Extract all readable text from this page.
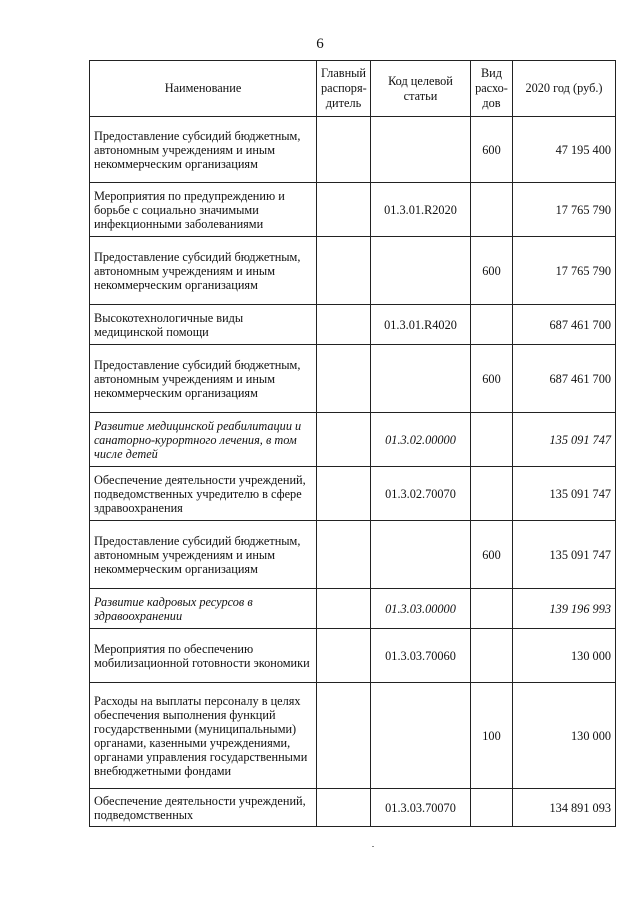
6
Наименование	Главный распоря-дитель	Код целевой статьи	Вид расхо-дов	2020 год (руб.)
Предоставление субсидий бюджетным, автономным учреждениям и иным некоммерческим организациям			600	47 195 400
Мероприятия по предупреждению и борьбе с социально значимыми инфекционными заболеваниями		01.3.01.R2020		17 765 790
Предоставление субсидий бюджетным, автономным учреждениям и иным некоммерческим организациям			600	17 765 790
Высокотехнологичные виды медицинской помощи		01.3.01.R4020		687 461 700
Предоставление субсидий бюджетным, автономным учреждениям и иным некоммерческим организациям			600	687 461 700
Развитие медицинской реабилитации и санаторно-курортного лечения, в том числе детей		01.3.02.00000		135 091 747
Обеспечение деятельности учреждений, подведомственных учредителю в сфере здравоохранения		01.3.02.70070		135 091 747
Предоставление субсидий бюджетным, автономным учреждениям и иным некоммерческим организациям			600	135 091 747
Развитие кадровых ресурсов в здравоохранении		01.3.03.00000		139 196 993
Мероприятия по обеспечению мобилизационной готовности экономики		01.3.03.70060		130 000
Расходы на выплаты персоналу в целях обеспечения выполнения функций государственными (муниципальными) органами, казенными учреждениями, органами управления государственными внебюджетными фондами			100	130 000
Обеспечение деятельности учреждений, подведомственных		01.3.03.70070		134 891 093
